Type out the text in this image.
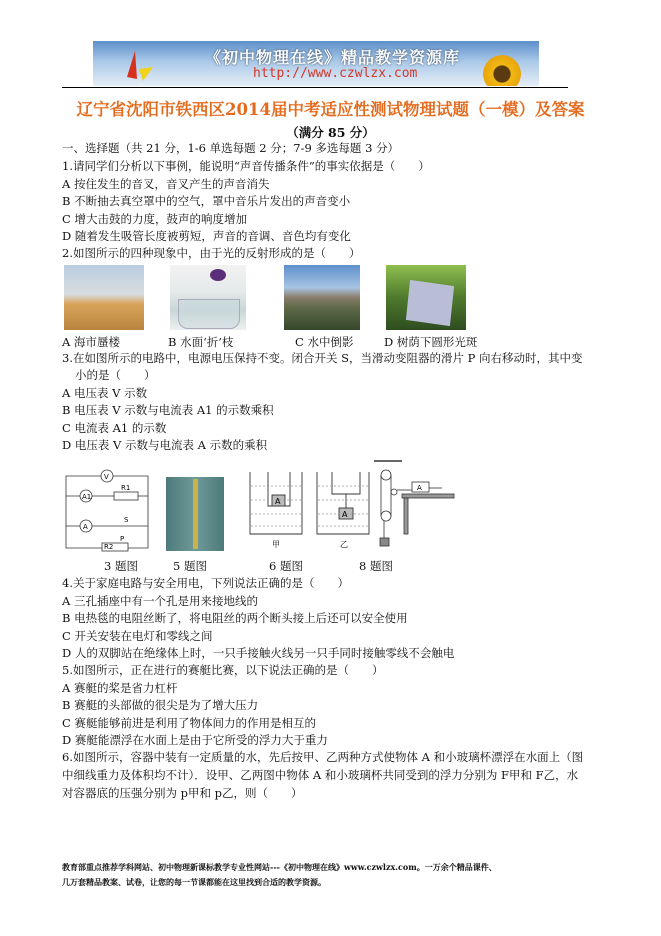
《初中物理在线》精品教学资源库
http://www.czwlzx.com
辽宁省沈阳市铁西区2014届中考适应性测试物理试题（一模）及答案
（满分 85 分）
一、选择题（共 21 分，1-6 单选每题 2 分；7-9 多选每题 3 分）
1.请同学们分析以下事例，能说明“声音传播条件”的事实依据是（　　）
A 按住发生的音叉，音叉产生的声音消失
B 不断抽去真空罩中的空气，罩中音乐片发出的声音变小
C 增大击鼓的力度，鼓声的响度增加
D 随着发生吸管长度被剪短，声音的音调、音色均有变化
2.如图所示的四种现象中，由于光的反射形成的是（　　）
A 海市蜃楼	B 水面‘折’枝	C 水中倒影	D 树荫下圆形光斑
3.在如图所示的电路中，电源电压保持不变。闭合开关 S，当滑动变阻器的滑片 P 向右移动时，其中变
小的是（　　）
A 电压表 V 示数
B 电压表 V 示数与电流表 A1 的示数乘积
C 电流表 A1 的示数
D 电压表 V 示数与电流表 A 示数的乘积
V
A1
R1
A
S
R2
P
A
A
甲	乙
A
3 题图	5 题图	6 题图	8 题图
4.关于家庭电路与安全用电，下列说法正确的是（　　）
A 三孔插座中有一个孔是用来接地线的
B 电热毯的电阻丝断了，将电阻丝的两个断头接上后还可以安全使用
C 开关安装在电灯和零线之间
D 人的双脚站在绝缘体上时，一只手接触火线另一只手同时接触零线不会触电
5.如图所示，正在进行的赛艇比赛，以下说法正确的是（　　）
A 赛艇的桨是省力杠杆
B 赛艇的头部做的很尖是为了增大压力
C 赛艇能够前进是利用了物体间力的作用是相互的
D 赛艇能漂浮在水面上是由于它所受的浮力大于重力
6.如图所示，容器中装有一定质量的水，先后按甲、乙两种方式使物体 A 和小玻璃杯漂浮在水面上（图
中细线重力及体积均不计）．设甲、乙两图中物体 A 和小玻璃杯共同受到的浮力分别为 F甲和 F乙，水
对容器底的压强分别为 p甲和 p乙，则（　　）
教育部重点推荐学科网站、初中物理新课标教学专业性网站---《初中物理在线》www.czwlzx.com。一万余个精品课件、
几万套精品教案、试卷，让您的每一节课都能在这里找到合适的教学资源。
